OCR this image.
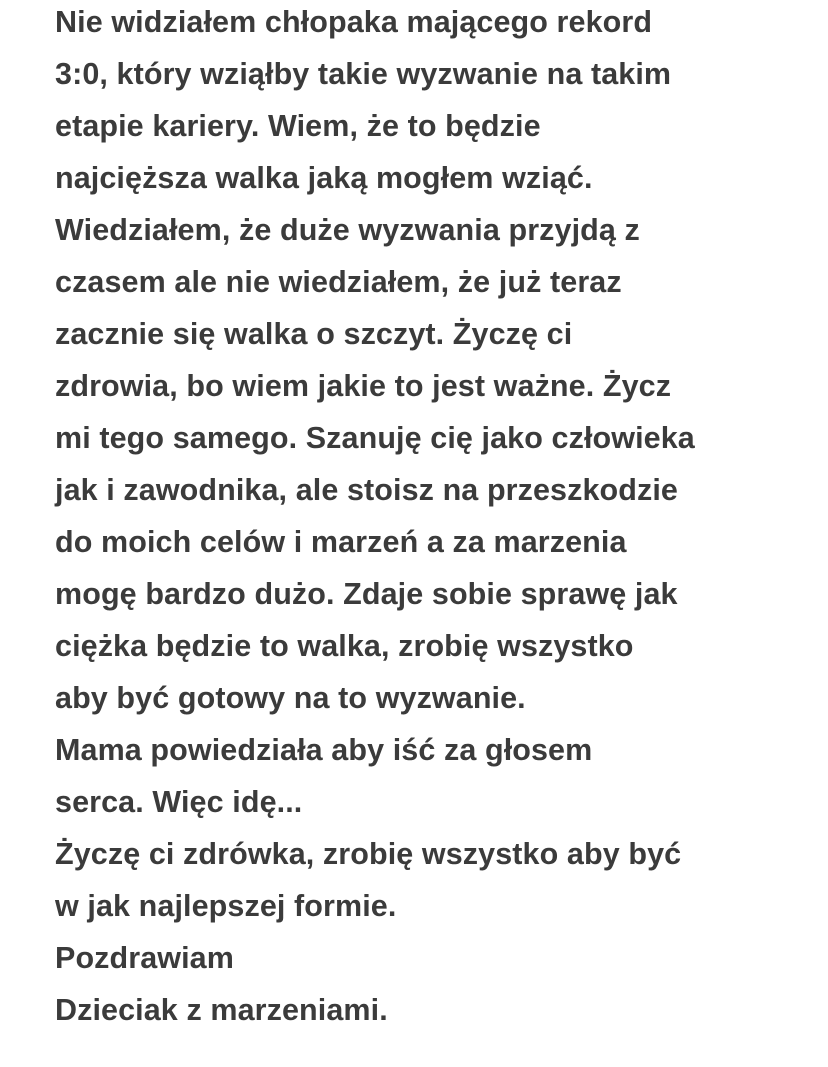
Nie widziałem chłopaka mającego rekord
3:0, który wziąłby takie wyzwanie na takim
etapie kariery. Wiem, że to będzie
najcięższa walka jaką mogłem wziąć.
Wiedziałem, że duże wyzwania przyjdą z
czasem ale nie wiedziałem, że już teraz
zacznie się walka o szczyt. Życzę ci
zdrowia, bo wiem jakie to jest ważne. Życz
mi tego samego. Szanuję cię jako człowieka
jak i zawodnika, ale stoisz na przeszkodzie
do moich celów i marzeń a za marzenia
mogę bardzo dużo. Zdaje sobie sprawę jak
ciężka będzie to walka, zrobię wszystko
aby być gotowy na to wyzwanie.
Mama powiedziała aby iść za głosem
serca. Więc idę...
Życzę ci zdrówka, zrobię wszystko aby być
w jak najlepszej formie.
Pozdrawiam
Dzieciak z marzeniami.
